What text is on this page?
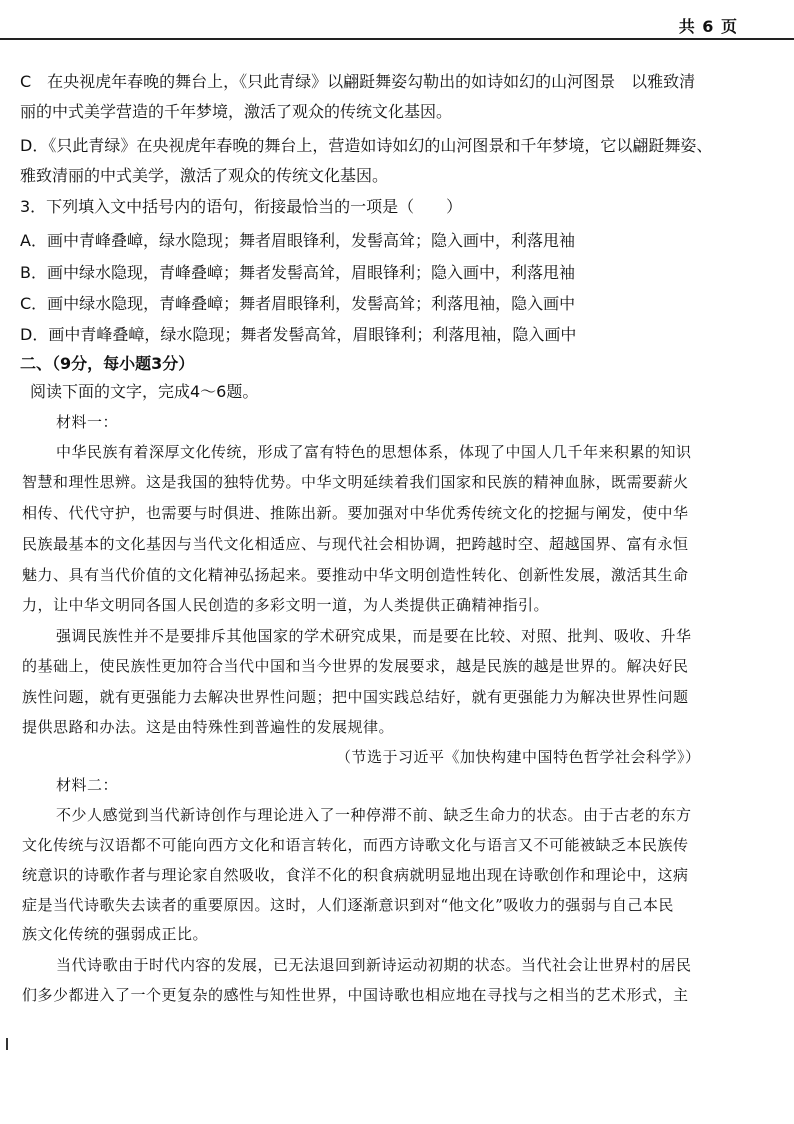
共 6 页
C　在央视虎年春晚的舞台上，《只此青绿》以翩跹舞姿勾勒出的如诗如幻的山河图景　以雅致清
丽的中式美学营造的千年梦境，激活了观众的传统文化基因。
D．《只此青绿》在央视虎年春晚的舞台上，营造如诗如幻的山河图景和千年梦境，它以翩跹舞姿、
雅致清丽的中式美学，激活了观众的传统文化基因。
3．下列填入文中括号内的语句，衔接最恰当的一项是（　　）
A．画中青峰叠嶂，绿水隐现；舞者眉眼锋利，发髻高耸；隐入画中，利落甩袖
B．画中绿水隐现，青峰叠嶂；舞者发髻高耸，眉眼锋利；隐入画中，利落甩袖
C．画中绿水隐现，青峰叠嶂；舞者眉眼锋利，发髻高耸；利落甩袖，隐入画中
D．画中青峰叠嶂，绿水隐现；舞者发髻高耸，眉眼锋利；利落甩袖，隐入画中
二、（9分，每小题3分）
阅读下面的文字，完成4～6题。
材料一：
中华民族有着深厚文化传统，形成了富有特色的思想体系，体现了中国人几千年来积累的知识
智慧和理性思辨。这是我国的独特优势。中华文明延续着我们国家和民族的精神血脉，既需要薪火
相传、代代守护，也需要与时俱进、推陈出新。要加强对中华优秀传统文化的挖掘与阐发，使中华
民族最基本的文化基因与当代文化相适应、与现代社会相协调，把跨越时空、超越国界、富有永恒
魅力、具有当代价值的文化精神弘扬起来。要推动中华文明创造性转化、创新性发展，激活其生命
力，让中华文明同各国人民创造的多彩文明一道，为人类提供正确精神指引。
强调民族性并不是要排斥其他国家的学术研究成果，而是要在比较、对照、批判、吸收、升华
的基础上，使民族性更加符合当代中国和当今世界的发展要求，越是民族的越是世界的。解决好民
族性问题，就有更强能力去解决世界性问题；把中国实践总结好，就有更强能力为解决世界性问题
提供思路和办法。这是由特殊性到普遍性的发展规律。
（节选于习近平《加快构建中国特色哲学社会科学》）
材料二：
不少人感觉到当代新诗创作与理论进入了一种停滞不前、缺乏生命力的状态。由于古老的东方
文化传统与汉语都不可能向西方文化和语言转化，而西方诗歌文化与语言又不可能被缺乏本民族传
统意识的诗歌作者与理论家自然吸收，食洋不化的积食病就明显地出现在诗歌创作和理论中，这病
症是当代诗歌失去读者的重要原因。这时，人们逐渐意识到对“他文化”吸收力的强弱与自己本民
族文化传统的强弱成正比。
当代诗歌由于时代内容的发展，已无法退回到新诗运动初期的状态。当代社会让世界村的居民
们多少都进入了一个更复杂的感性与知性世界，中国诗歌也相应地在寻找与之相当的艺术形式，主
